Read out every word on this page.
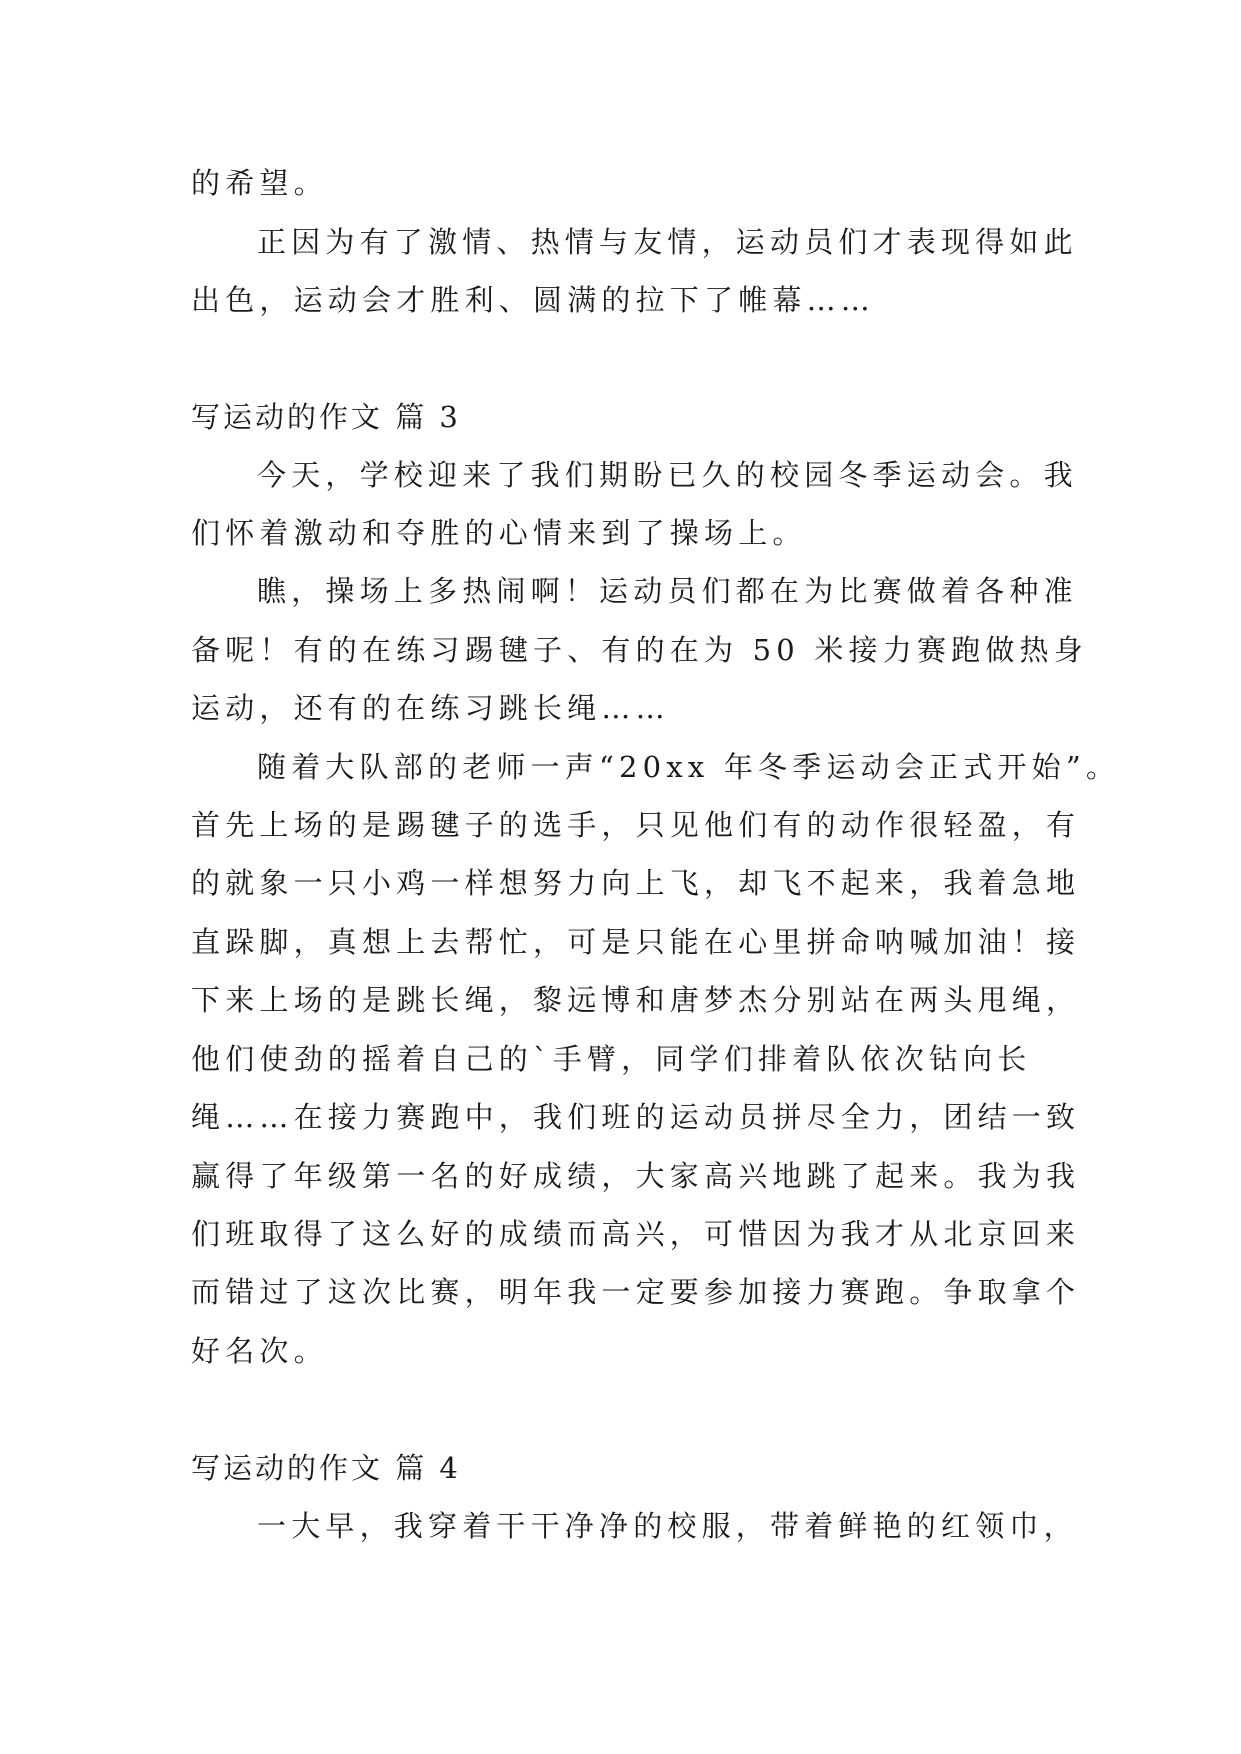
的希望。
正因为有了激情、热情与友情，运动员们才表现得如此
出色，运动会才胜利、圆满的拉下了帷幕……
写运动的作文 篇 3
今天，学校迎来了我们期盼已久的校园冬季运动会。我
们怀着激动和夺胜的心情来到了操场上。
瞧，操场上多热闹啊！运动员们都在为比赛做着各种准
备呢！有的在练习踢毽子、有的在为 50 米接力赛跑做热身
运动，还有的在练习跳长绳……
随着大队部的老师一声“20xx 年冬季运动会正式开始”。
首先上场的是踢毽子的选手，只见他们有的动作很轻盈，有
的就象一只小鸡一样想努力向上飞，却飞不起来，我着急地
直跺脚，真想上去帮忙，可是只能在心里拼命呐喊加油！接
下来上场的是跳长绳，黎远博和唐梦杰分别站在两头甩绳，
他们使劲的摇着自己的`手臂，同学们排着队依次钻向长
绳……在接力赛跑中，我们班的运动员拼尽全力，团结一致
赢得了年级第一名的好成绩，大家高兴地跳了起来。我为我
们班取得了这么好的成绩而高兴，可惜因为我才从北京回来
而错过了这次比赛，明年我一定要参加接力赛跑。争取拿个
好名次。
写运动的作文 篇 4
一大早，我穿着干干净净的校服，带着鲜艳的红领巾，
